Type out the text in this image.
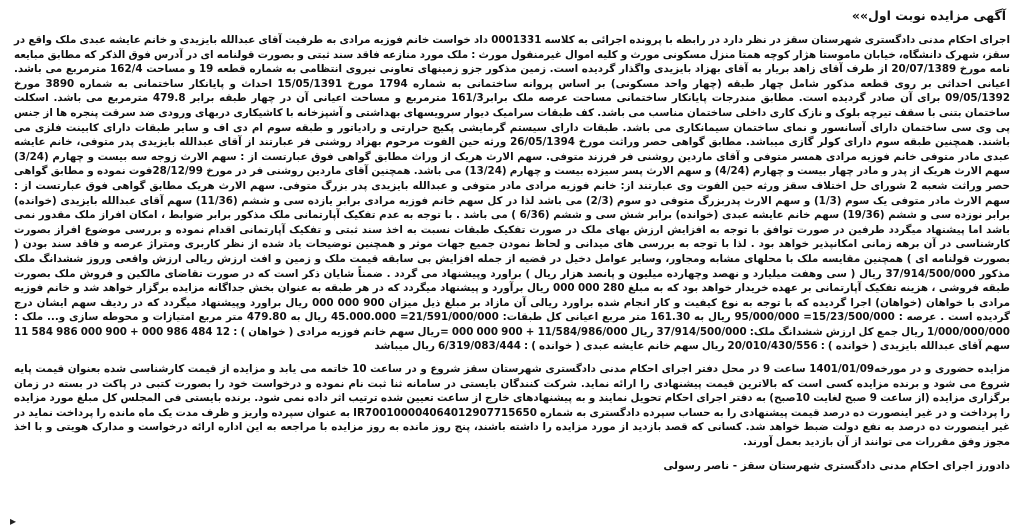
آگهی مزایده نوبت اول»»

اجرای احکام مدنی دادگستری شهرستان سقز در نظر دارد در رابطه با پرونده اجرائی به کلاسه 0001331 داد خواست خانم فوزیه مرادی به طرفیت آقای عبدالله بایزیدی و خانم عایشه عبدی ملک واقع در سقز، شهرک دانشگاه، خیابان ماموستا هژار کوچه همتا منزل مسکونی مورث و کلیه اموال غیرمنقول مورث : ملک مورد منازعه فاقد سند ثبتی و بصورت قولنامه ای در آدرس فوق الذکر که مطابق مبایعه نامه مورخ 20/07/1389 از طرف آقای زاهد بریار به آقای بهزاد بایزیدی واگذار گردیده است. زمین مذکور جزو زمینهای تعاونی نیروی انتظامی به شماره قطعه 19 و مساحت 162/4 مترمربع می باشد. اعیانی احداثی بر روی قطعه مذکور شامل چهار طبقه (چهار واحد مسکونی) بر اساس پروانه ساختمانی به شماره 1794 مورخ 15/05/1391 احداث و پایانکار ساختمانی به شماره 3890 مورخ 09/05/1392 برای آن صادر گردیده است. مطابق مندرجات پایانکار ساختمانی مساحت عرصه ملک برابر161/3 مترمربع و مساحت اعیانی آن در چهار طبقه برابر 479.8 مترمربع می باشد. اسکلت ساختمان بتنی با سقف تیرچه بلوک و نازک کاری داخلی ساختمان مناسب می باشد. کف طبقات سرامیک دیوار سرویسهای بهداشتی و آشپزخانه با کاشیکاری دربهای ورودی ضد سرقت پنجره ها از جنس پی وی سی ساختمان دارای آسانسور و نمای ساختمان سیمانکاری می باشد. طبقات دارای سیستم گرمایشی پکیج حرارتی و رادیاتور و طبقه سوم ام دی اف و سایر طبقات دارای کابینت فلزی می باشند. همچنین طبقه سوم دارای کولر گازی میباشد. مطابق گواهی حصر وراثت مورخ 26/05/1394 ورثه حین الفوت مرحوم بهزاد روشنی فر عبارتند از آقای عبدالله بایزیدی پدر متوفی، خانم عایشه عبدی مادر متوفی خانم فوزیه مرادی همسر متوفی و آقای ماردین روشنی فر فرزند متوفی. سهم الارث هریک از وراث مطابق گواهی فوق عبارتست از : سهم الارث زوجه سه بیست و چهارم (3/24) سهم الارث هریک از پدر و مادر چهار بیست و چهارم (4/24) و سهم الارث پسر سیزده بیست و چهارم (13/24) می باشد. همچنین آقای ماردین روشنی فر در مورخ 28/12/99فوت نموده و مطابق گواهی حصر وراثت شعبه 2 شورای حل اختلاف سقز ورثه حین الفوت وی عبارتند از: خانم فوزیه مرادی مادر متوفی و عبدالله بایزیدی پدر بزرگ متوفی. سهم الارث هریک مطابق گواهی فوق عبارتست از : سهم الارث مادر متوفی یک سوم (1/3) و سهم الارث پدربزرگ متوفی دو سوم (2/3) می باشد لذا در کل سهم خانم فوزیه مرادی برابر یازده سی و ششم (11/36) سهم آقای عبدالله بایزیدی (خوانده) برابر نوزده سی و ششم (19/36) سهم خانم عایشه عبدی (خوانده) برابر شش سی و ششم (6/36 ) می باشد . با توجه به عدم تفکیک آپارتمانی ملک مذکور برابر ضوابط ، امکان افراز ملک مقدور نمی باشد اما پیشنهاد میگردد طرفین در صورت توافق با توجه به افزایش ارزش بهای ملک در صورت تفکیک طبقات نسبت به اخذ سند ثبتی و تفکیک آپارتمانی اقدام نموده و بررسی موضوع افراز بصورت کارشناسی در آن برهه زمانی امکانپذیر خواهد بود . لذا با توجه به بررسی های میدانی و لحاظ نمودن جمیع جهات موثر و همچنین توضیحات یاد شده از نظر کاربری ومتراژ عرصه و فاقد سند بودن ( بصورت قولنامه ای ) همچنین مقایسه ملک با محلهای مشابه ومجاور، وسایر عوامل دخیل در قضیه از جمله افزایش بی سابقه قیمت ملک و زمین و افت ارزش ریالی ارزش واقعی وروز ششدانگ ملک مذکور 37/914/500/000 ریال ( سی وهفت میلیارد و نهصد وچهارده میلیون و پانصد هزار ریال ) براورد وپیشنهاد می گردد . ضمناً شایان ذکر است که در صورت تقاضای مالکین و فروش ملک بصورت طبقه فروشی ، هزینه تفکیک آپارتمانی بر عهده خریدار خواهد بود که به مبلغ 280 000 000 ریال برآورد و پیشنهاد میگردد که در هر طبقه به عنوان بخش جداگانه مزایده برگزار خواهد شد و خانم فوزیه مرادی با خواهان (خواهان) اجرا گردیده که با توجه به نوع کیفیت و کار انجام شده براورد ریالی آن مازاد بر مبلغ ذیل میزان 900 000 000 ریال براورد وپیشنهاد میگردد که در ردیف سهم ایشان درج گردیده است . عرصه : 15/23/500/000= 95/000/000 ریال به 161.30 متر مربع اعیانی کل طبقات: 21/591/000/000= 45.000.000 ریال به 479.80 متر مربع امتیازات و محوطه سازی و... ملک : 1/000/000/000 ریال جمع کل ارزش ششدانگ ملک: 37/914/500/000 ریال 11/584/986/000 + 900 000 000 =ریال سهم خانم فوزیه مرادی ( خواهان ) : 12 484 986 000 + 900 000 986 584 11 سهم آقای عبدالله بایزیدی ( خوانده ) : 20/010/430/556 ریال سهم خانم عایشه عبدی ( خوانده ) : 6/319/083/444 ریال میباشد

مزایده حضوری و در مورخه1401/01/09 ساعت 9 در محل دفتر اجرای احکام مدنی دادگستری شهرستان سقز شروع و در ساعت 10 خاتمه می یابد و مزایده از قیمت کارشناسی شده بعنوان قیمت پایه شروع می شود و برنده مزایده کسی است که بالاترین قیمت پیشنهادی را ارائه نماید. شرکت کنندگان بایستی در سامانه ثنا ثبت نام نموده و درخواست خود را بصورت کتبی در پاکت در بسته در زمان برگزاری مزایده (از ساعت 9 صبح لغایت 10صبح) به دفتر اجرای احکام تحویل نمایند و به پیشنهادهای خارج از ساعت تعیین شده ترتیب اثر داده نمی شود. برنده بایستی فی المجلس کل مبلغ مورد مزایده را پرداخت و در غیر اینصورت ده درصد قیمت پیشنهادی را به حساب سپرده دادگستری به شماره IR700100004064012907715650 به عنوان سپرده واریز و ظرف مدت یک ماه مانده را پرداخت نماید در غیر اینصورت ده درصد به نفع دولت ضبط خواهد شد. کسانی که قصد بازدید از مورد مزایده را داشته باشند، پنج روز مانده به روز مزایده با مراجعه به این اداره ارائه درخواست و مدارک هویتی و با اخذ مجوز وفق مقررات می توانند از آن بازدید بعمل آورند.

دادورز اجرای احکام مدنی دادگستری شهرستان سقز - ناصر رسولی
▸
